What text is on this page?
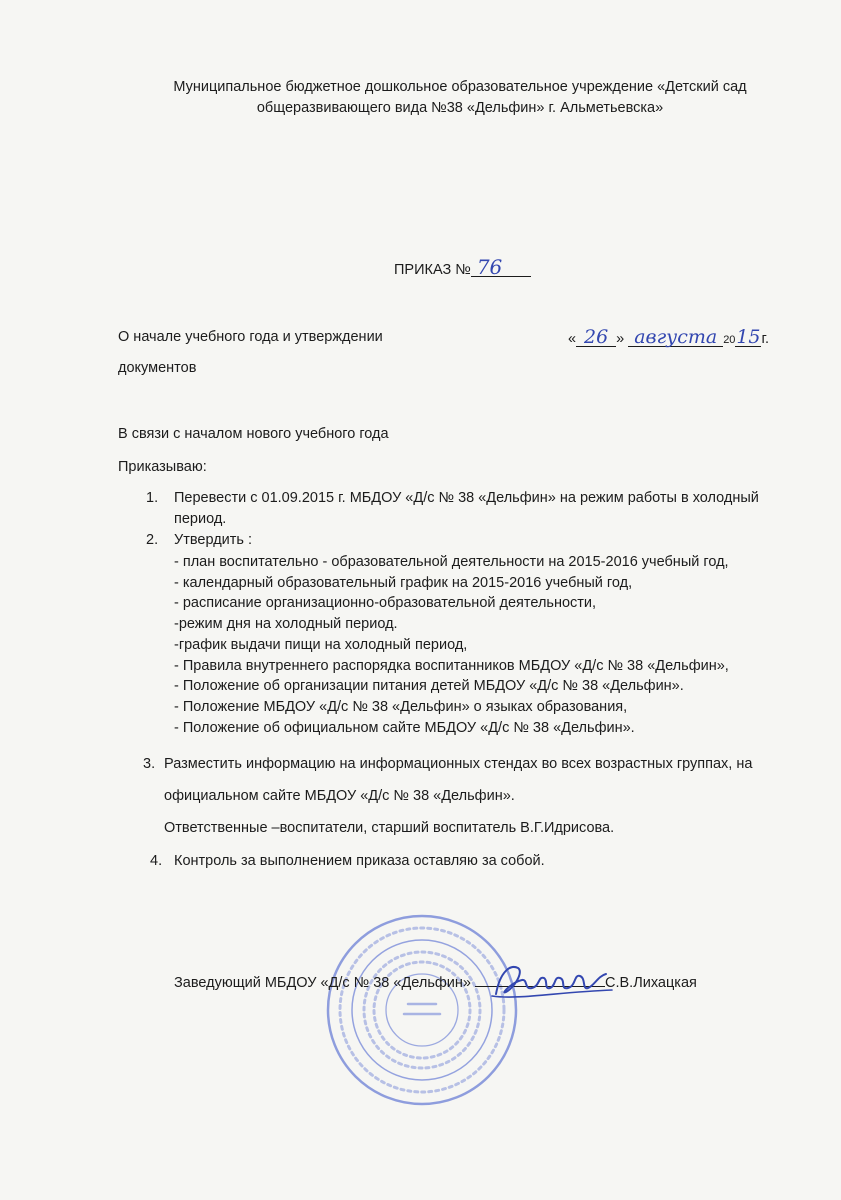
Муниципальное бюджетное дошкольное образовательное учреждение «Детский сад
общеразвивающего вида №38 «Дельфин» г. Альметьевска»
ПРИКАЗ № 76
О начале учебного года и утверждении
документов
« 26 » августа 2015г.
В связи с началом нового учебного года
Приказываю:
1. Перевести с 01.09.2015 г. МБДОУ «Д/с № 38 «Дельфин» на режим работы в холодный
период.
2. Утвердить :
- план воспитательно - образовательной деятельности на 2015-2016 учебный год,
- календарный образовательный график на 2015-2016 учебный год,
- расписание организационно-образовательной деятельности,
-режим дня на холодный период.
-график выдачи пищи на холодный период,
- Правила внутреннего распорядка воспитанников МБДОУ «Д/с № 38 «Дельфин»,
- Положение об организации питания детей МБДОУ «Д/с № 38 «Дельфин».
- Положение МБДОУ «Д/с № 38 «Дельфин» о языках образования,
- Положение об официальном сайте МБДОУ «Д/с № 38 «Дельфин».
3. Разместить информацию на информационных стендах во всех возрастных группах, на
официальном сайте МБДОУ «Д/с № 38 «Дельфин».
Ответственные –воспитатели, старший воспитатель В.Г.Идрисова.
4. Контроль за выполнением приказа оставляю за собой.
Заведующий МБДОУ «Д/с № 38 «Дельфин»	С.В.Лихацкая
